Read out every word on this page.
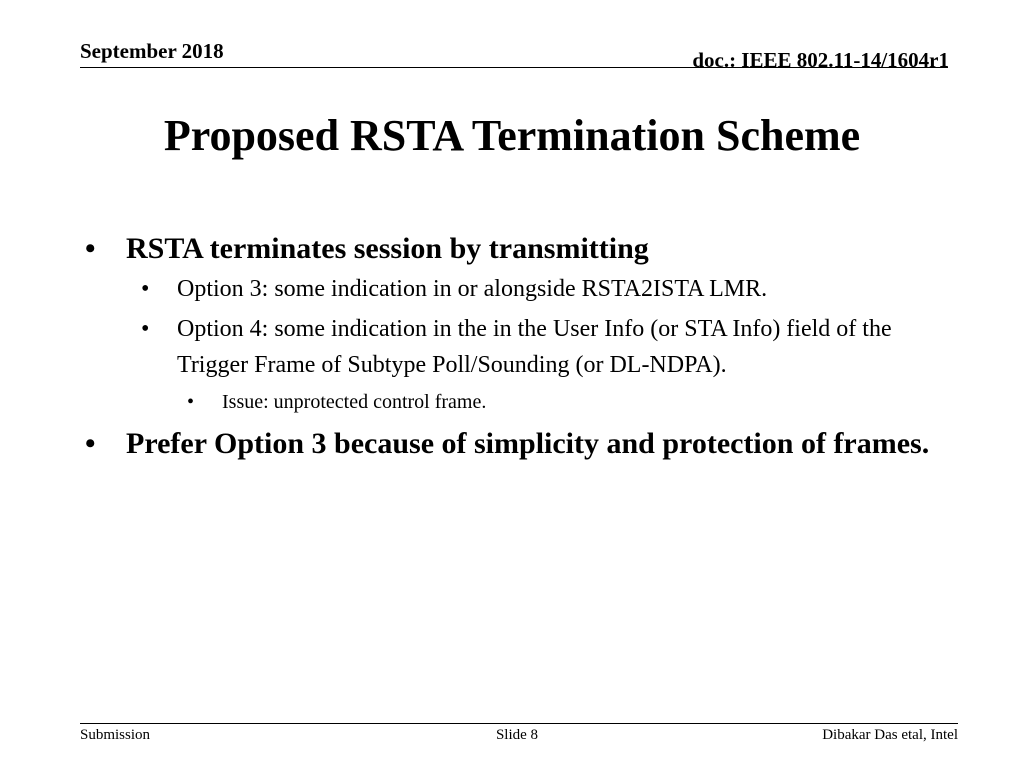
September 2018	doc.: IEEE 802.11-14/1604r1
Proposed RSTA Termination Scheme
• RSTA terminates session by transmitting
• Option 3: some indication in or alongside RSTA2ISTA LMR.
• Option 4: some indication in the in the User Info (or STA Info) field of the Trigger Frame of Subtype Poll/Sounding (or DL-NDPA).
• Issue: unprotected control frame.
• Prefer Option 3 because of simplicity and protection of frames.
Submission	Slide 8	Dibakar Das etal, Intel
